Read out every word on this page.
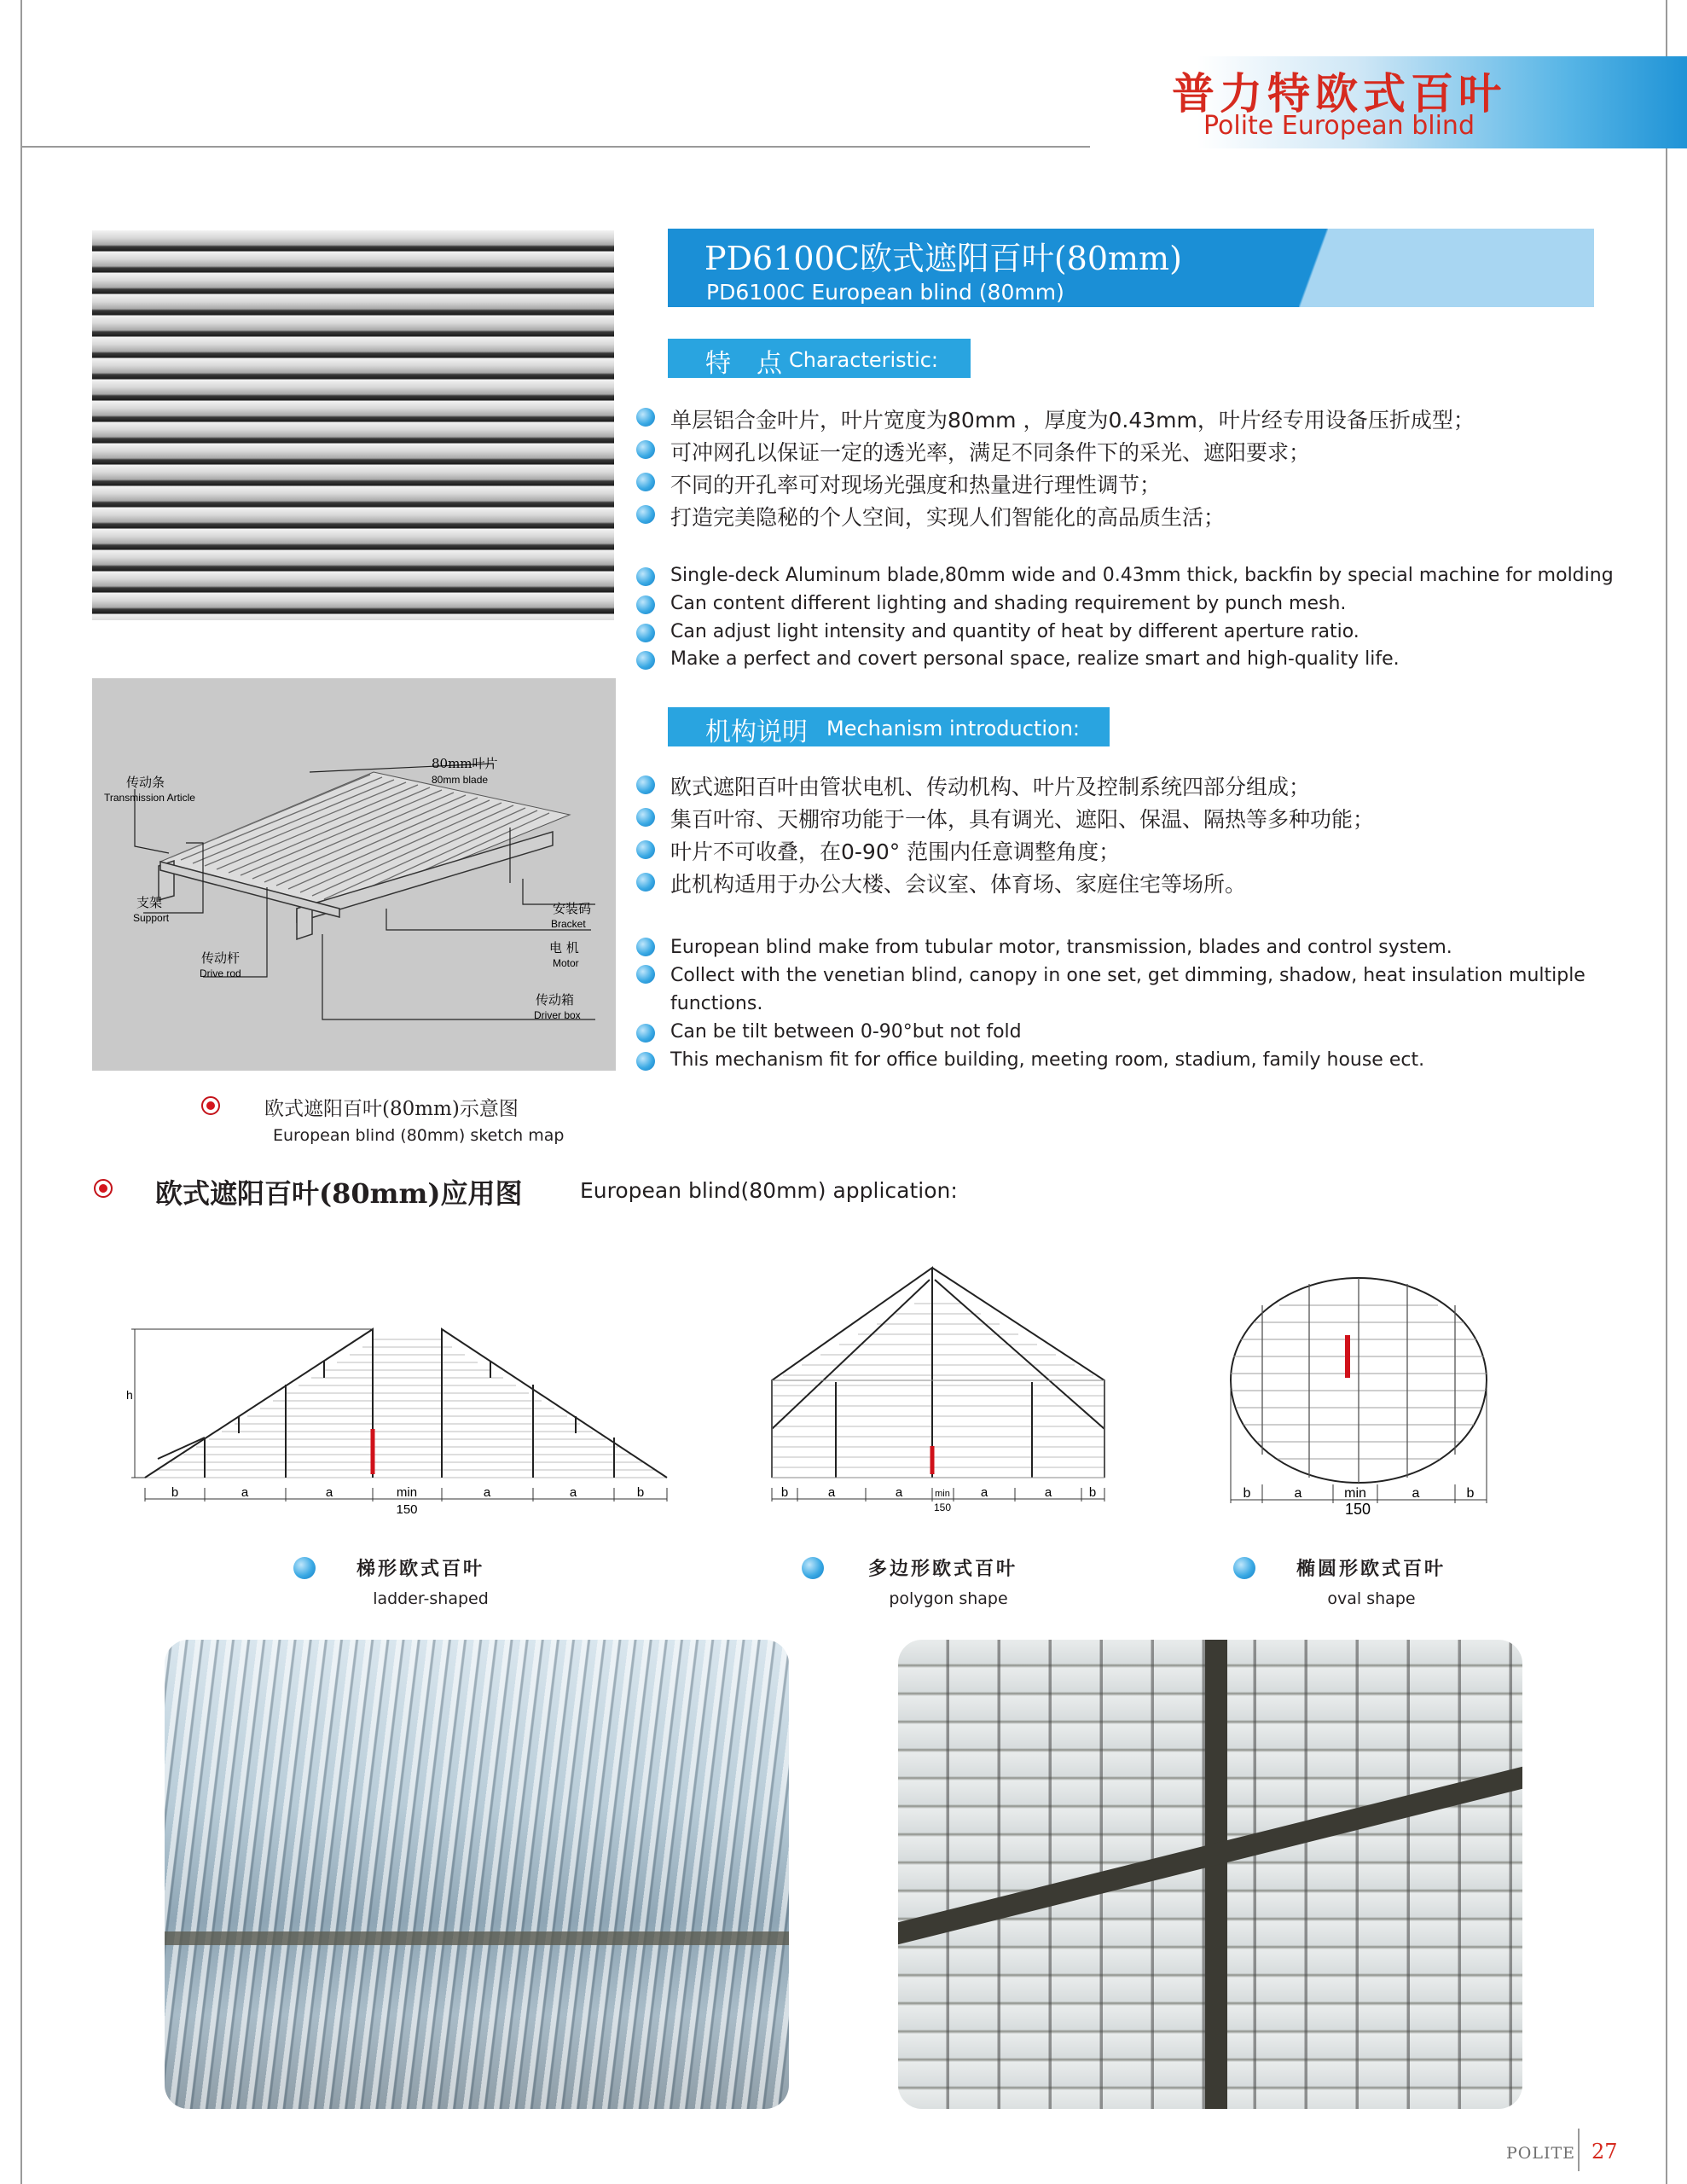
普力特欧式百叶
Polite European blind
PD6100C欧式遮阳百叶(80mm)
PD6100C European blind (80mm)
特　点 Characteristic:
单层铝合金叶片，叶片宽度为80mm ，厚度为0.43mm，叶片经专用设备压折成型；
可冲网孔以保证一定的透光率，满足不同条件下的采光、遮阳要求；
不同的开孔率可对现场光强度和热量进行理性调节；
打造完美隐秘的个人空间，实现人们智能化的高品质生活；
Single-deck Aluminum blade,80mm wide and 0.43mm thick, backfin by special machine for molding
Can content different lighting and shading requirement by punch mesh.
Can adjust light intensity and quantity of heat by different aperture ratio.
Make a perfect and covert personal space, realize smart and high-quality life.
机构说明 Mechanism introduction:
欧式遮阳百叶由管状电机、传动机构、叶片及控制系统四部分组成；
集百叶帘、天棚帘功能于一体，具有调光、遮阳、保温、隔热等多种功能；
叶片不可收叠，在0-90° 范围内任意调整角度；
此机构适用于办公大楼、会议室、体育场、家庭住宅等场所。
European blind make from tubular motor, transmission, blades and control system.
Collect with the venetian blind, canopy in one set, get dimming, shadow, heat insulation multiple
functions.
Can be tilt between 0-90°but not fold
This mechanism fit for office building, meeting room, stadium, family house ect.
80mm叶片
80mm blade
传动条
Transmission Article
支架
Support
安装码
Bracket
电 机
Motor
传动杆
Drive rod
传动箱
Driver box
欧式遮阳百叶(80mm)示意图
European blind (80mm) sketch map
欧式遮阳百叶(80mm)应用图	European blind(80mm) application:
h
b	a	a	min	a	a	b
150
b	a	a	min a	a	b
150
b	a	min	a	b
150
梯形欧式百叶
ladder-shaped
多边形欧式百叶
polygon shape
椭圆形欧式百叶
oval shape
POLITE 27
